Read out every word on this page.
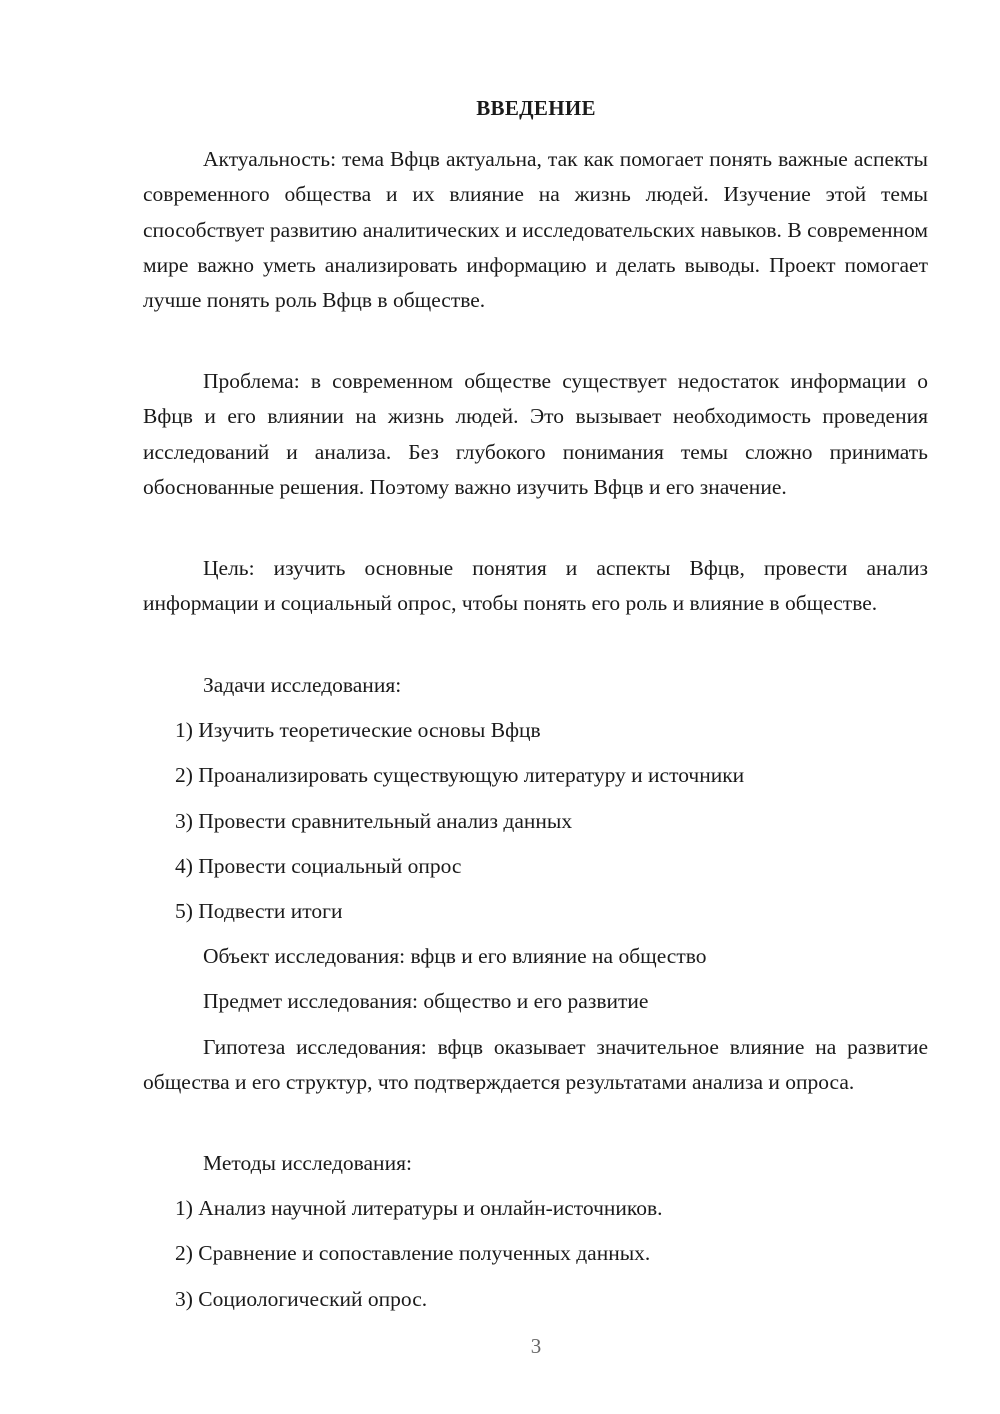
ВВЕДЕНИЕ

Актуальность: тема Вфцв актуальна, так как помогает понять важные аспекты современного общества и их влияние на жизнь людей. Изучение этой темы способствует развитию аналитических и исследовательских навыков. В современном мире важно уметь анализировать информацию и делать выводы. Проект помогает лучше понять роль Вфцв в обществе.

Проблема: в современном обществе существует недостаток информации о Вфцв и его влиянии на жизнь людей. Это вызывает необходимость проведения исследований и анализа. Без глубокого понимания темы сложно принимать обоснованные решения. Поэтому важно изучить Вфцв и его значение.

Цель: изучить основные понятия и аспекты Вфцв, провести анализ информации и социальный опрос, чтобы понять его роль и влияние в обществе.

Задачи исследования:

1) Изучить теоретические основы Вфцв

2) Проанализировать существующую литературу и источники

3) Провести сравнительный анализ данных

4) Провести социальный опрос

5) Подвести итоги

Объект исследования: вфцв и его влияние на общество

Предмет исследования: общество и его развитие

Гипотеза исследования: вфцв оказывает значительное влияние на развитие общества и его структур, что подтверждается результатами анализа и опроса.

Методы исследования:

1) Анализ научной литературы и онлайн-источников.

2) Сравнение и сопоставление полученных данных.

3) Социологический опрос.

3
